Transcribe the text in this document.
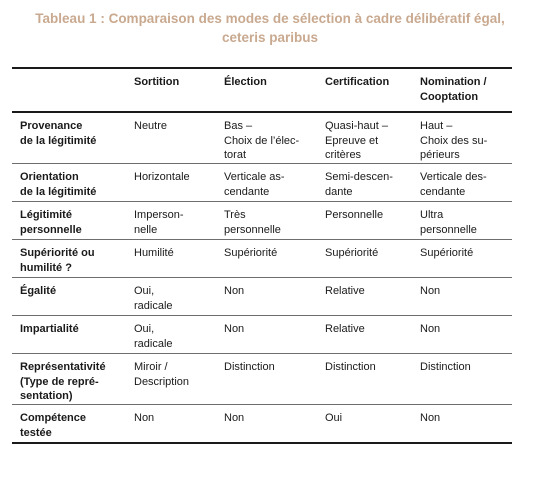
Tableau 1 : Comparaison des modes de sélection à cadre délibératif égal,
ceteris paribus
	Sortition	Élection	Certification	Nomination /
Cooptation
Provenance
de la légitimité	Neutre	Bas –
Choix de l’élec-
torat	Quasi-haut –
Epreuve et
critères	Haut –
Choix des su-
périeurs
Orientation
de la légitimité	Horizontale	Verticale as-
cendante	Semi-descen-
dante	Verticale des-
cendante
Légitimité
personnelle	Imperson-
nelle	Très
personnelle	Personnelle	Ultra
personnelle
Supériorité ou
humilité ?	Humilité	Supériorité	Supériorité	Supériorité
Égalité	Oui,
radicale	Non	Relative	Non
Impartialité	Oui,
radicale	Non	Relative	Non
Représentativité
(Type de repré-
sentation)	Miroir /
Description	Distinction	Distinction	Distinction
Compétence
testée	Non	Non	Oui	Non
